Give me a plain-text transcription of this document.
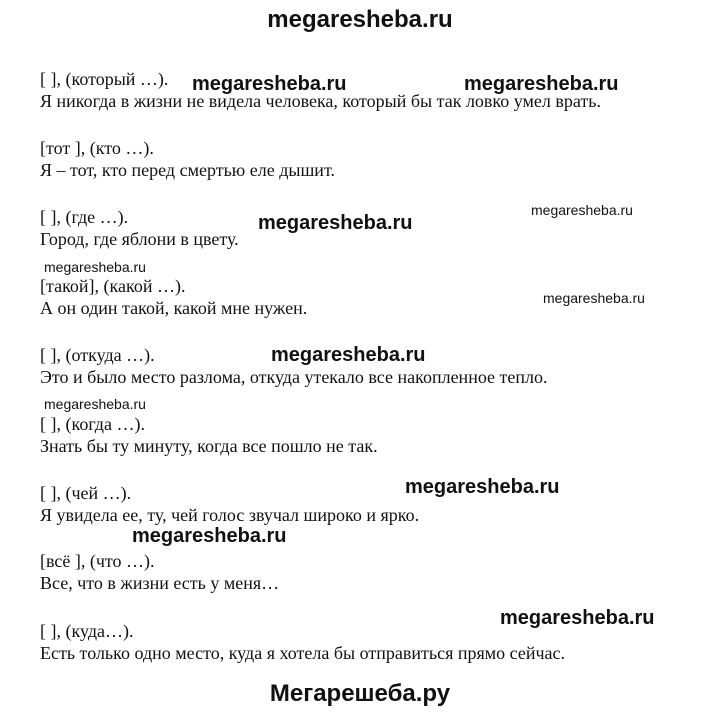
megaresheba.ru
[ ], (который …).
Я никогда в жизни не видела человека, который бы так ловко умел врать.
[тот ], (кто …).
Я – тот, кто перед смертью еле дышит.
[ ], (где …).
Город, где яблони в цвету.
[такой], (какой …).
А он один такой, какой мне нужен.
[ ], (откуда …).
Это и было место разлома, откуда утекало все накопленное тепло.
[ ], (когда …).
Знать бы ту минуту, когда все пошло не так.
[ ], (чей …).
Я увидела ее, ту, чей голос звучал широко и ярко.
[всё ], (что …).
Все, что в жизни есть у меня…
[ ], (куда…).
Есть только одно место, куда я хотела бы отправиться прямо сейчас.
megaresheba.ru	megaresheba.ru
megaresheba.ru
megaresheba.ru
megaresheba.ru
megaresheba.ru
megaresheba.ru
megaresheba.ru
megaresheba.ru
megaresheba.ru
megaresheba.ru
Мегарешеба.ру
